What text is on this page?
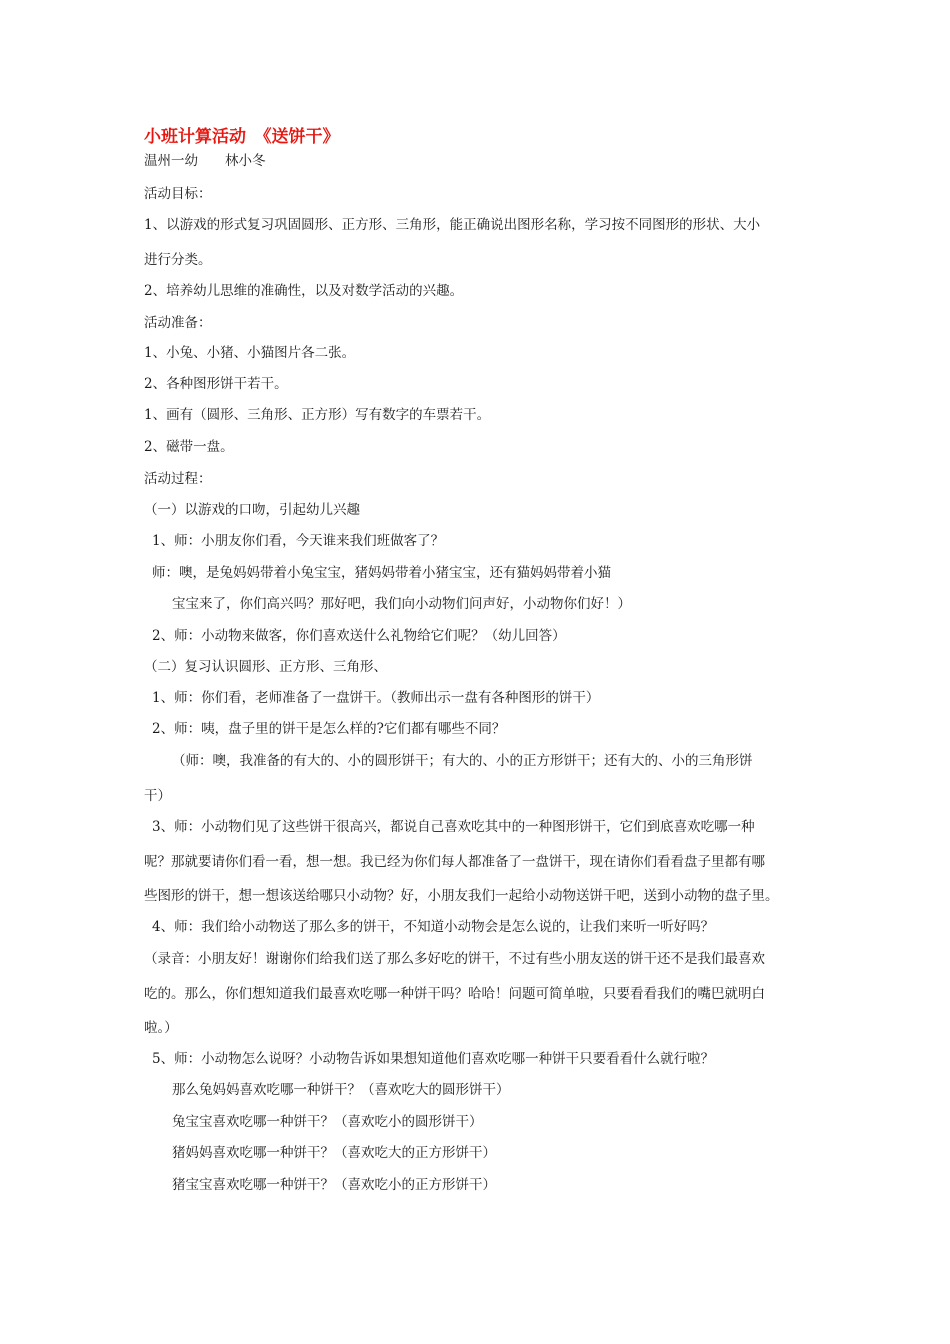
小班计算活动　《送饼干》
温州一幼　　林小冬
活动目标：
1、以游戏的形式复习巩固圆形、正方形、三角形，能正确说出图形名称，学习按不同图形的形状、大小
进行分类。
2、培养幼儿思维的准确性，以及对数学活动的兴趣。
活动准备：
1、小兔、小猪、小猫图片各二张。
2、各种图形饼干若干。
1、画有（圆形、三角形、正方形）写有数字的车票若干。
2、磁带一盘。
活动过程：
（一）以游戏的口吻，引起幼儿兴趣
1、师：小朋友你们看，今天谁来我们班做客了？
师：噢，是兔妈妈带着小兔宝宝，猪妈妈带着小猪宝宝，还有猫妈妈带着小猫
宝宝来了，你们高兴吗？那好吧，我们向小动物们问声好，小动物你们好！）
2、师：小动物来做客，你们喜欢送什么礼物给它们呢？（幼儿回答）
（二）复习认识圆形、正方形、三角形、
1、师：你们看，老师准备了一盘饼干。（教师出示一盘有各种图形的饼干）
2、师：咦，盘子里的饼干是怎么样的?它们都有哪些不同？
（师：噢，我准备的有大的、小的圆形饼干；有大的、小的正方形饼干；还有大的、小的三角形饼
干）
3、师：小动物们见了这些饼干很高兴，都说自己喜欢吃其中的一种图形饼干，它们到底喜欢吃哪一种
呢？那就要请你们看一看，想一想。我已经为你们每人都准备了一盘饼干，现在请你们看看盘子里都有哪
些图形的饼干，想一想该送给哪只小动物？好，小朋友我们一起给小动物送饼干吧，送到小动物的盘子里。
4、师：我们给小动物送了那么多的饼干，不知道小动物会是怎么说的，让我们来听一听好吗？
（录音：小朋友好！谢谢你们给我们送了那么多好吃的饼干，不过有些小朋友送的饼干还不是我们最喜欢
吃的。那么，你们想知道我们最喜欢吃哪一种饼干吗？哈哈！问题可简单啦，只要看看我们的嘴巴就明白
啦。）
5、师：小动物怎么说呀？小动物告诉如果想知道他们喜欢吃哪一种饼干只要看看什么就行啦？
那么兔妈妈喜欢吃哪一种饼干？（喜欢吃大的圆形饼干）
兔宝宝喜欢吃哪一种饼干？（喜欢吃小的圆形饼干）
猪妈妈喜欢吃哪一种饼干？（喜欢吃大的正方形饼干）
猪宝宝喜欢吃哪一种饼干？（喜欢吃小的正方形饼干）
